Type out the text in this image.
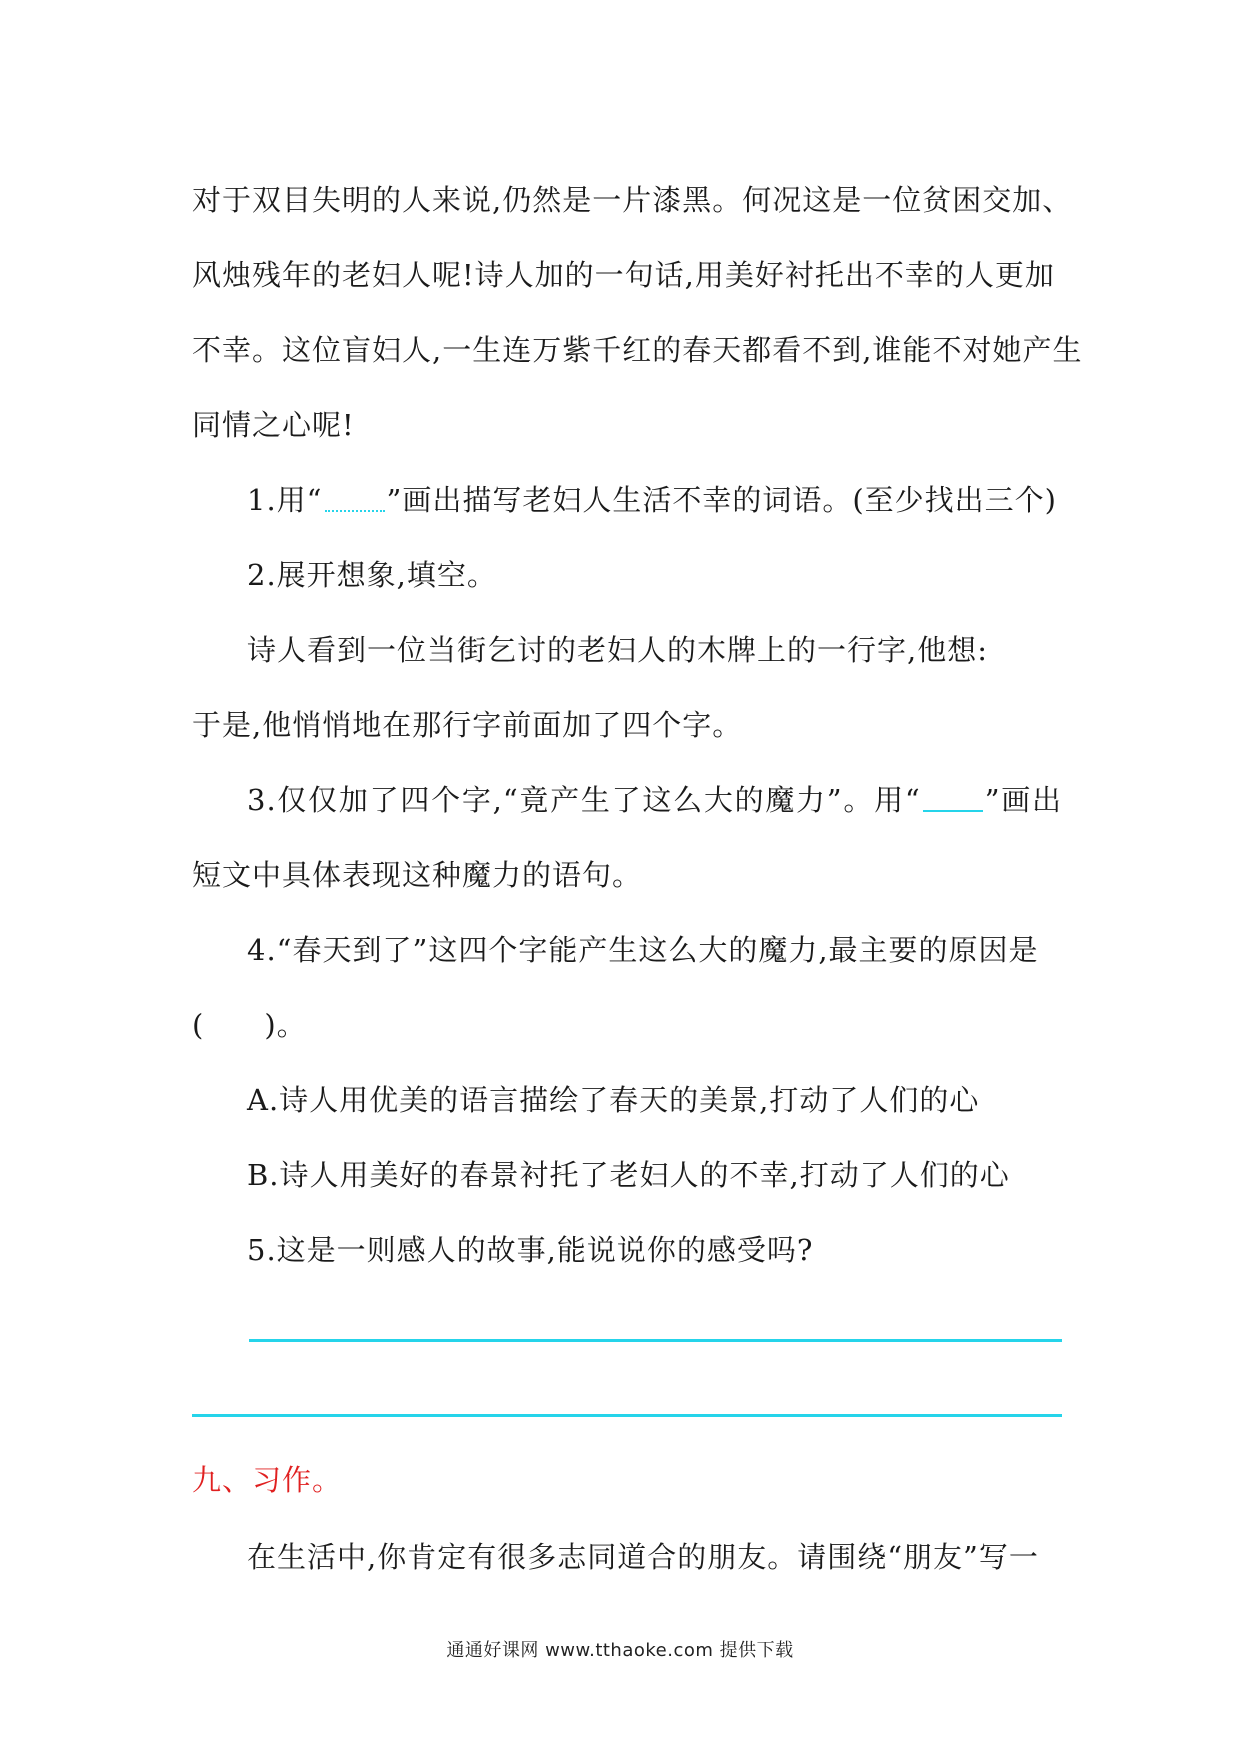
对于双目失明的人来说,仍然是一片漆黑。何况这是一位贫困交加、
风烛残年的老妇人呢!诗人加的一句话,用美好衬托出不幸的人更加
不幸。这位盲妇人,一生连万紫千红的春天都看不到,谁能不对她产生
同情之心呢!
1.用“ ”画出描写老妇人生活不幸的词语。(至少找出三个)
2.展开想象,填空。
诗人看到一位当街乞讨的老妇人的木牌上的一行字,他想:
于是,他悄悄地在那行字前面加了四个字。
3.仅仅加了四个字,“竟产生了这么大的魔力”。用“ ”画出
短文中具体表现这种魔力的语句。
4.“春天到了”这四个字能产生这么大的魔力,最主要的原因是
(　　)。
A.诗人用优美的语言描绘了春天的美景,打动了人们的心
B.诗人用美好的春景衬托了老妇人的不幸,打动了人们的心
5.这是一则感人的故事,能说说你的感受吗?
九、习作。
在生活中,你肯定有很多志同道合的朋友。请围绕“朋友”写一
通通好课网 www.tthaoke.com 提供下载
